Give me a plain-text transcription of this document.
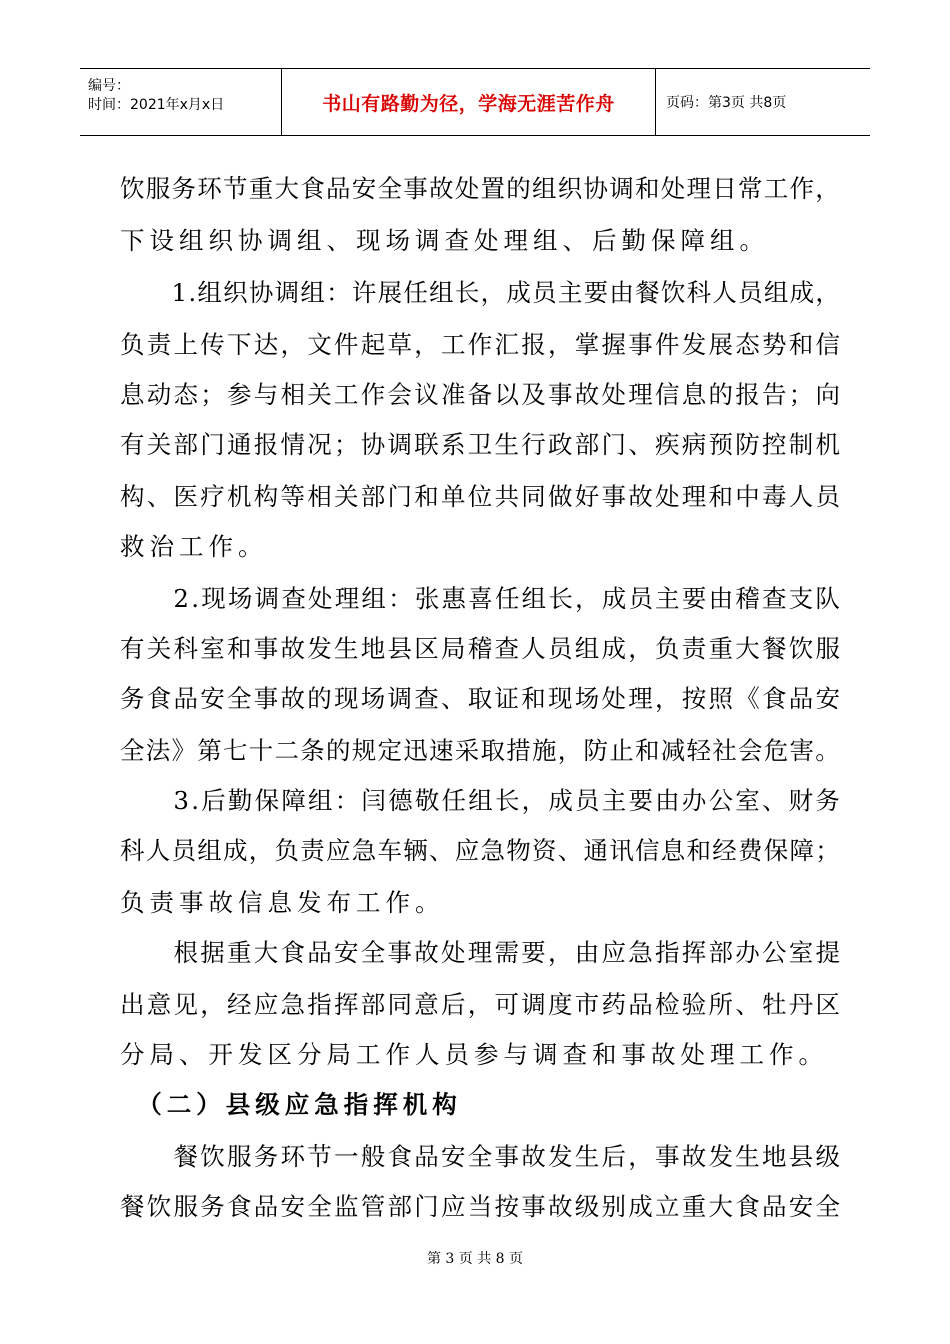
编号：
时间：2021年x月x日	书山有路勤为径，学海无涯苦作舟	页码：第3页 共8页
饮 服 务 环 节 重 大 食 品 安 全 事 故 处 置 的 组 织 协 调 和 处 理 日 常 工 作 ，
下设组织协调组、现场调查处理组、后勤保障组。

1 . 组 织 协 调 组 ： 许 展 任 组 长 ， 成 员 主 要 由 餐 饮 科 人 员 组 成 ，
负 责 上 传 下 达 ， 文 件 起 草 ， 工 作 汇 报 ， 掌 握 事 件 发 展 态 势 和 信
息 动 态 ； 参 与 相 关 工 作 会 议 准 备 以 及 事 故 处 理 信 息 的 报 告 ； 向
有 关 部 门 通 报 情 况 ； 协 调 联 系 卫 生 行 政 部 门 、 疾 病 预 防 控 制 机
构 、 医 疗 机 构 等 相 关 部 门 和 单 位 共 同 做 好 事 故 处 理 和 中 毒 人 员
救治工作。

2 . 现 场 调 查 处 理 组 ： 张 惠 喜 任 组 长 ， 成 员 主 要 由 稽 查 支 队
有 关 科 室 和 事 故 发 生 地 县 区 局 稽 查 人 员 组 成 ， 负 责 重 大 餐 饮 服
务 食 品 安 全 事 故 的 现 场 调 查 、 取 证 和 现 场 处 理 ， 按 照 《 食 品 安
全 法 》 第 七 十 二 条 的 规 定 迅 速 采 取 措 施 ， 防 止 和 减 轻 社 会 危 害 。

3 . 后 勤 保 障 组 ： 闫 德 敬 任 组 长 ， 成 员 主 要 由 办 公 室 、 财 务
科 人 员 组 成 ， 负 责 应 急 车 辆 、 应 急 物 资 、 通 讯 信 息 和 经 费 保 障 ；
负责事故信息发布工作。

根 据 重 大 食 品 安 全 事 故 处 理 需 要 ， 由 应 急 指 挥 部 办 公 室 提
出 意 见 ， 经 应 急 指 挥 部 同 意 后 ， 可 调 度 市 药 品 检 验 所 、 牡 丹 区
分局、开发区分局工作人员参与调查和事故处理工作。
　（二）县级应急指挥机构

餐 饮 服 务 环 节 一 般 食 品 安 全 事 故 发 生 后 ， 事 故 发 生 地 县 级
餐 饮 服 务 食 品 安 全 监 管 部 门 应 当 按 事 故 级 别 成 立 重 大 食 品 安 全
第 3 页 共 8 页
